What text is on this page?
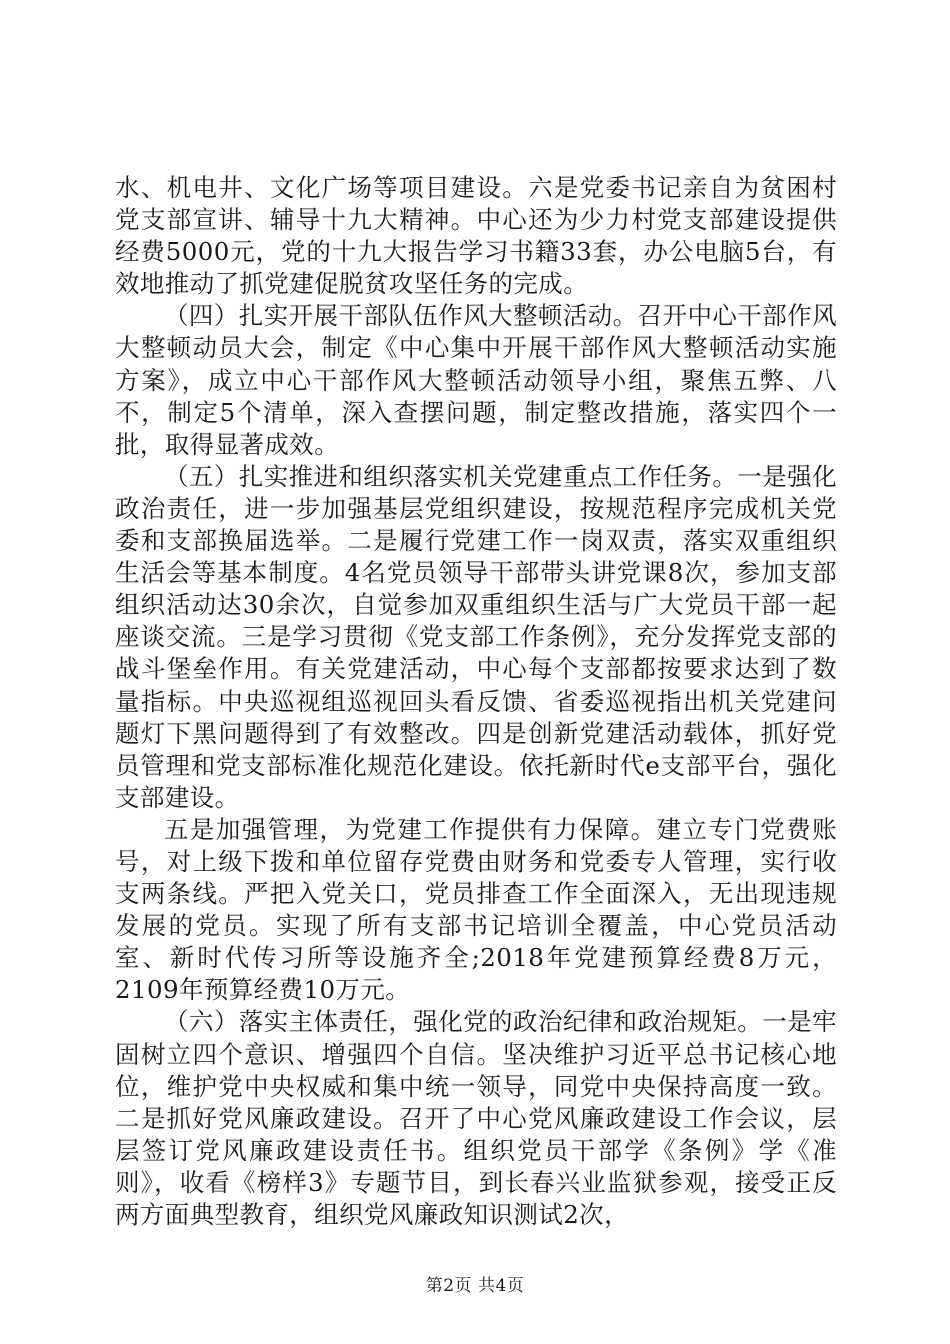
水、机电井、文化广场等项目建设。六是党委书记亲自为贫困村党支部宣讲、辅导十九大精神。中心还为少力村党支部建设提供经费5000元，党的十九大报告学习书籍33套，办公电脑5台，有效地推动了抓党建促脱贫攻坚任务的完成。

（四）扎实开展干部队伍作风大整顿活动。召开中心干部作风大整顿动员大会，制定《中心集中开展干部作风大整顿活动实施方案》，成立中心干部作风大整顿活动领导小组，聚焦五弊、八不，制定5个清单，深入查摆问题，制定整改措施，落实四个一批，取得显著成效。

（五）扎实推进和组织落实机关党建重点工作任务。一是强化政治责任，进一步加强基层党组织建设，按规范程序完成机关党委和支部换届选举。二是履行党建工作一岗双责，落实双重组织生活会等基本制度。4名党员领导干部带头讲党课8次，参加支部组织活动达30余次，自觉参加双重组织生活与广大党员干部一起座谈交流。三是学习贯彻《党支部工作条例》，充分发挥党支部的战斗堡垒作用。有关党建活动，中心每个支部都按要求达到了数量指标。中央巡视组巡视回头看反馈、省委巡视指出机关党建问题灯下黑问题得到了有效整改。四是创新党建活动载体，抓好党员管理和党支部标准化规范化建设。依托新时代e支部平台，强化支部建设。

五是加强管理，为党建工作提供有力保障。建立专门党费账号，对上级下拨和单位留存党费由财务和党委专人管理，实行收支两条线。严把入党关口，党员排查工作全面深入，无出现违规发展的党员。实现了所有支部书记培训全覆盖，中心党员活动室、新时代传习所等设施齐全;2018年党建预算经费8万元，2109年预算经费10万元。

（六）落实主体责任，强化党的政治纪律和政治规矩。一是牢固树立四个意识、增强四个自信。坚决维护习近平总书记核心地位，维护党中央权威和集中统一领导，同党中央保持高度一致。二是抓好党风廉政建设。召开了中心党风廉政建设工作会议，层层签订党风廉政建设责任书。组织党员干部学《条例》学《准则》，收看《榜样3》专题节目，到长春兴业监狱参观，接受正反两方面典型教育，组织党风廉政知识测试2次，

第2页 共4页
